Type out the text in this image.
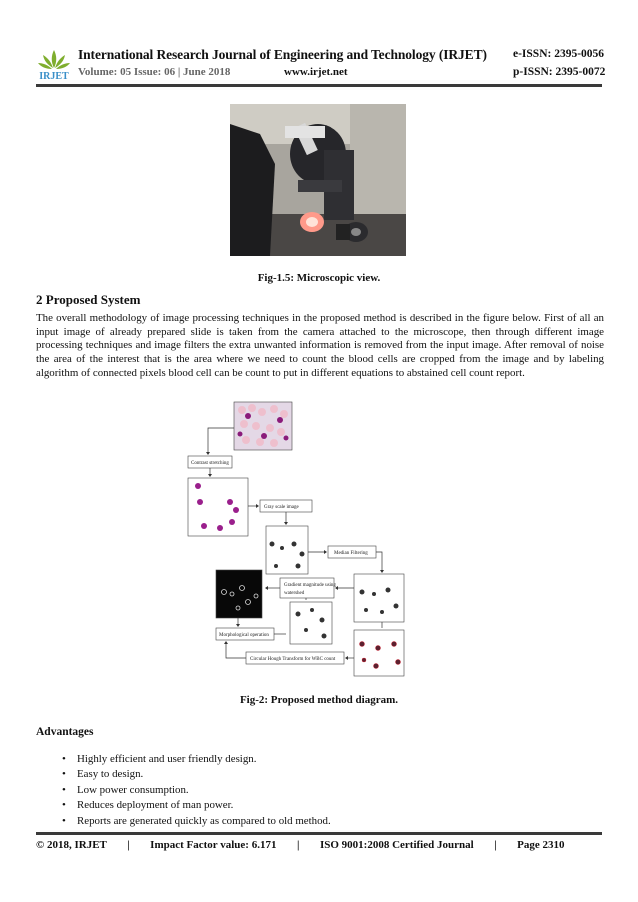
IRJET
International Research Journal of Engineering and Technology (IRJET) e-ISSN: 2395-0056
Volume: 05 Issue: 06 | June 2018	www.irjet.net	p-ISSN: 2395-0072
Fig-1.5: Microscopic view.
2 Proposed System
The overall methodology of image processing techniques in the proposed method is described in the figure below. First of all an input image of already prepared slide is taken from the camera attached to the microscope, then through different image processing techniques and image filters the extra unwanted information is removed from the input image. After removal of noise the area of the interest that is the area where we need to count the blood cells are cropped from the image and by labeling algorithm of connected pixels blood cell can be count to put in different equations to abstained cell count report.
Contrast stretching
Gray scale image
Median Filtering
Gradient magnitude using
watershed
Morphological operation
Circular Hough Transform for WBC count
Fig-2: Proposed method diagram.
Advantages
• Highly efficient and user friendly design.
• Easy to design.
• Low power consumption.
• Reduces deployment of man power.
• Reports are generated quickly as compared to old method.
© 2018, IRJET | Impact Factor value: 6.171 | ISO 9001:2008 Certified Journal | Page 2310
